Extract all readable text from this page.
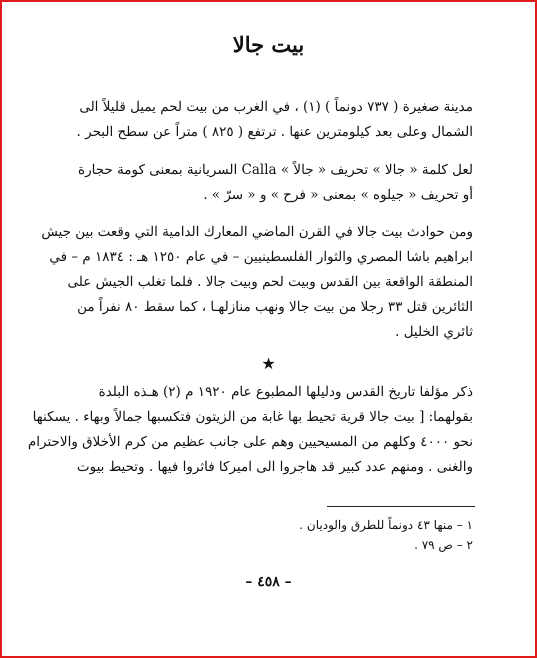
بيت جالا
مدينة صغيرة ( ٧٣٧ دونماً ) (١) ، في الغرب من بيت لحم يميل قليلاً الى
الشمال وعلى بعد كيلومترين عنها . ترتفع ( ٨٢٥ ) متراً عن سطح البحر .
لعل كلمة « جالا » تحريف « جالاً » Calla السريانية بمعنى كومة حجارة
أو تحريف « جيلوه » بمعنى « فرح » و « سرّ » .
ومن حوادث بيت جالا في القرن الماضي المعارك الدامية التي وقعت بين جيش
ابراهيم باشا المصري والثوار الفلسطينيين – في عام ١٢٥٠ هـ : ١٨٣٤ م – في
المنطقة الواقعة بين القدس وبيت لحم وبيت جالا . فلما تغلب الجيش على
الثائرين قتل ٣٣ رجلا من بيت جالا ونهب منازلهـا ، كما سقط ٨٠ نفراً من
ثائري الخليل .
★
ذكر مؤلفا تاريخ القدس ودليلها المطبوع عام ١٩٢٠ م (٢) هـذه البلدة
بقولهما: [ بيت جالا قرية تحيط بها غابة من الزيتون فتكسبها جمالاً وبهاء . يسكنها
نحو ٤٠٠٠ وكلهم من المسيحيين وهم على جانب عظيم من كرم الأخلاق والاحترام
والغنى . ومنهم عدد كبير قد هاجروا الى اميركا فاثروا فيها . وتحيط بيوت
١ – منها ٤٣ دونماً للطرق والوديان .
٢ – ص ٧٩ .
– ٤٥٨ –
